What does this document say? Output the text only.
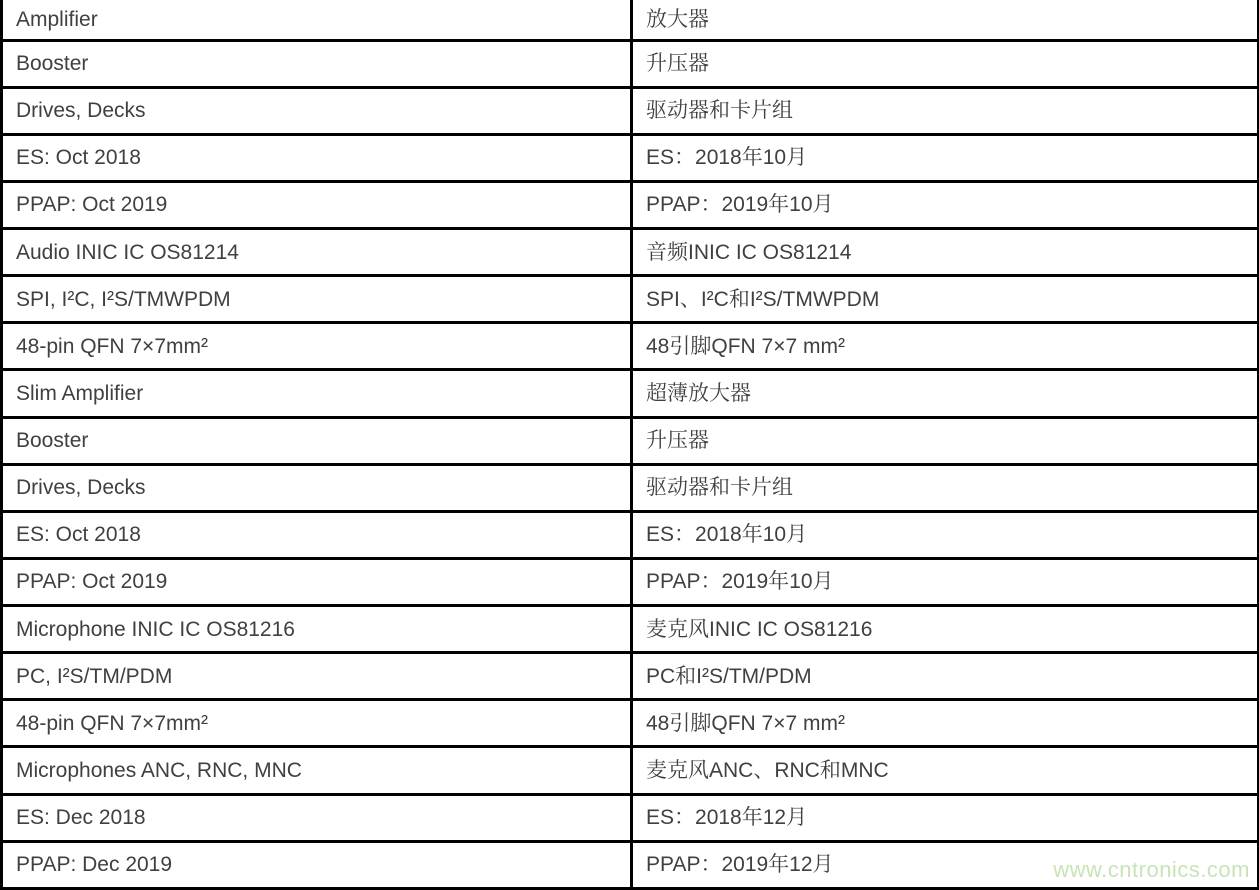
Amplifier	放大器
Booster	升压器
Drives, Decks	驱动器和卡片组
ES: Oct 2018	ES：2018年10月
PPAP: Oct 2019	PPAP：2019年10月
Audio INIC IC OS81214	音频INIC IC OS81214
SPI, I²C, I²S/TMWPDM	SPI、I²C和I²S/TMWPDM
48-pin QFN 7×7mm²	48引脚QFN 7×7 mm²
Slim Amplifier	超薄放大器
Booster	升压器
Drives, Decks	驱动器和卡片组
ES: Oct 2018	ES：2018年10月
PPAP: Oct 2019	PPAP：2019年10月
Microphone INIC IC OS81216	麦克风INIC IC OS81216
PC, I²S/TM/PDM	PC和I²S/TM/PDM
48-pin QFN 7×7mm²	48引脚QFN 7×7 mm²
Microphones ANC, RNC, MNC	麦克风ANC、RNC和MNC
ES: Dec 2018	ES：2018年12月
PPAP: Dec 2019	PPAP：2019年12月	www.cntronics.com
